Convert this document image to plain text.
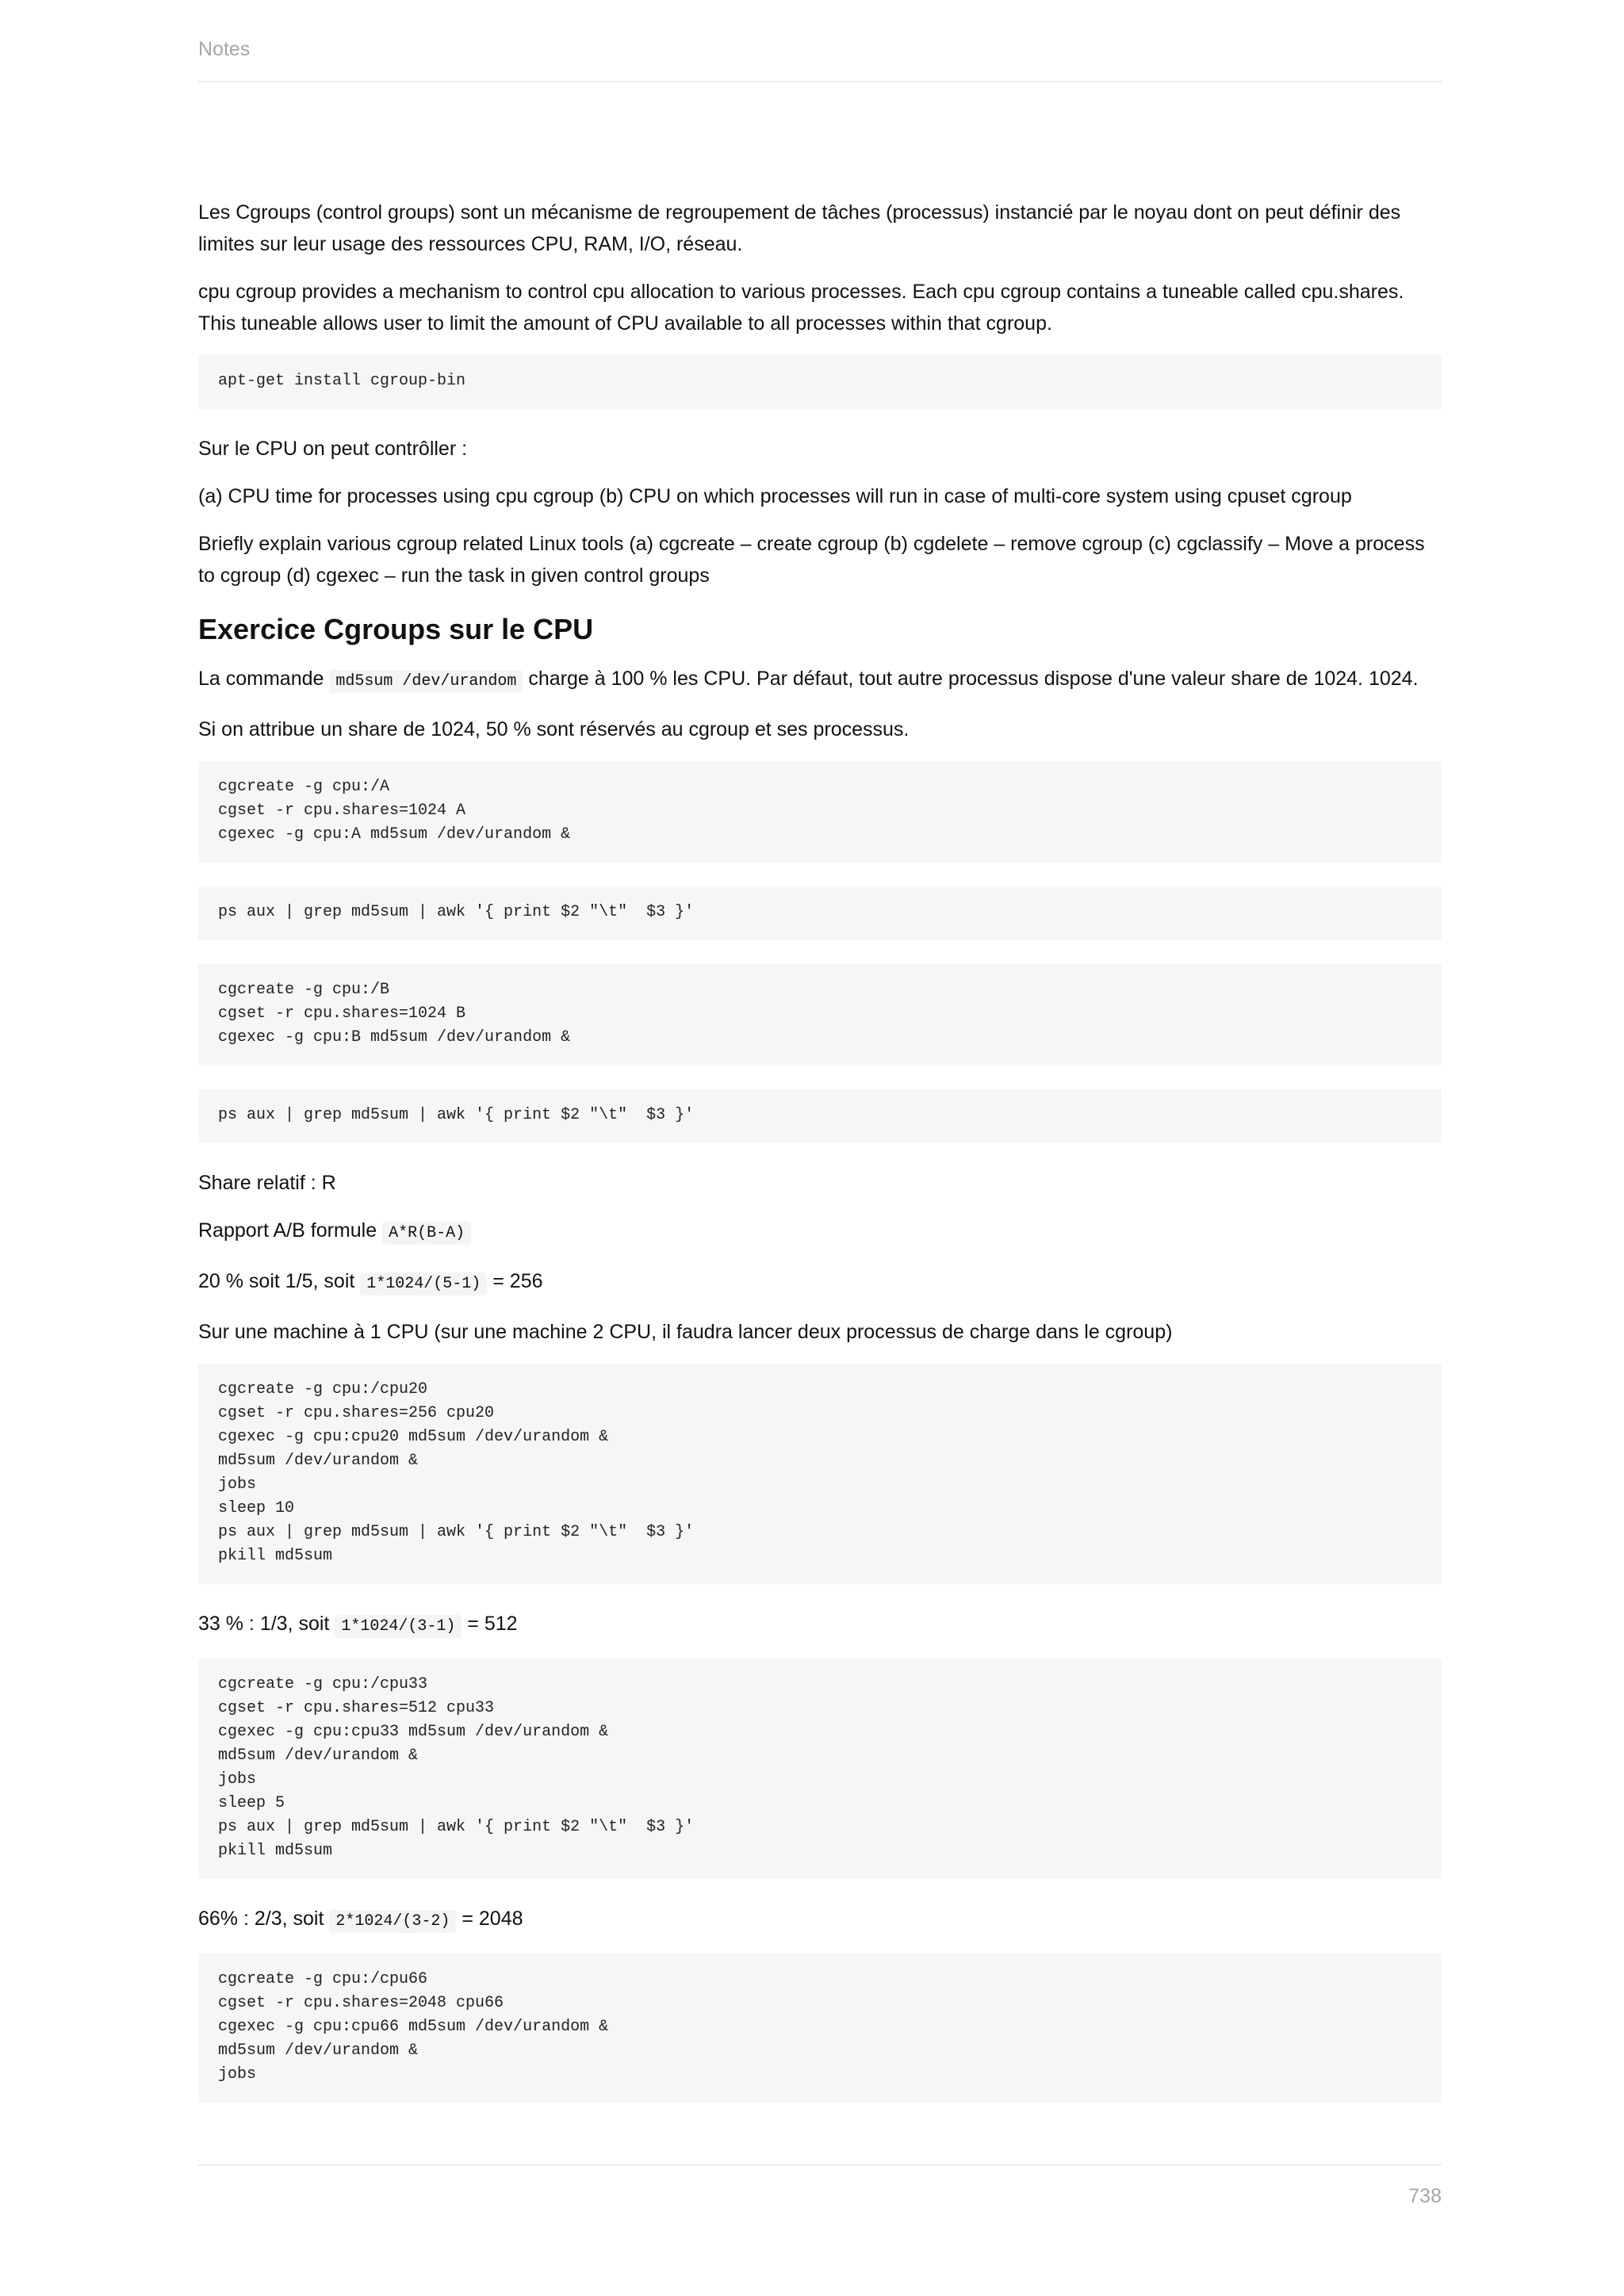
Notes

Les Cgroups (control groups) sont un mécanisme de regroupement de tâches (processus) instancié par le noyau dont on peut définir des limites sur leur usage des ressources CPU, RAM, I/O, réseau.

cpu cgroup provides a mechanism to control cpu allocation to various processes. Each cpu cgroup contains a tuneable called cpu.shares. This tuneable allows user to limit the amount of CPU available to all processes within that cgroup.

apt-get install cgroup-bin

Sur le CPU on peut contrôller :

(a) CPU time for processes using cpu cgroup (b) CPU on which processes will run in case of multi-core system using cpuset cgroup

Briefly explain various cgroup related Linux tools (a) cgcreate – create cgroup (b) cgdelete – remove cgroup (c) cgclassify – Move a process to cgroup (d) cgexec – run the task in given control groups

Exercice Cgroups sur le CPU

La commande md5sum /dev/urandom charge à 100 % les CPU. Par défaut, tout autre processus dispose d'une valeur share de 1024. 1024.

Si on attribue un share de 1024, 50 % sont réservés au cgroup et ses processus.

cgcreate -g cpu:/A
cgset -r cpu.shares=1024 A
cgexec -g cpu:A md5sum /dev/urandom &
ps aux | grep md5sum | awk '{ print $2 "\t"  $3 }'
cgcreate -g cpu:/B
cgset -r cpu.shares=1024 B
cgexec -g cpu:B md5sum /dev/urandom &
ps aux | grep md5sum | awk '{ print $2 "\t"  $3 }'

Share relatif : R

Rapport A/B formule A*R(B-A)

20 % soit 1/5, soit 1*1024/(5-1) = 256

Sur une machine à 1 CPU (sur une machine 2 CPU, il faudra lancer deux processus de charge dans le cgroup)

cgcreate -g cpu:/cpu20
cgset -r cpu.shares=256 cpu20
cgexec -g cpu:cpu20 md5sum /dev/urandom &
md5sum /dev/urandom &
jobs
sleep 10
ps aux | grep md5sum | awk '{ print $2 "\t"  $3 }'
pkill md5sum

33 % : 1/3, soit 1*1024/(3-1) = 512

cgcreate -g cpu:/cpu33
cgset -r cpu.shares=512 cpu33
cgexec -g cpu:cpu33 md5sum /dev/urandom &
md5sum /dev/urandom &
jobs
sleep 5
ps aux | grep md5sum | awk '{ print $2 "\t"  $3 }'
pkill md5sum

66% : 2/3, soit 2*1024/(3-2) = 2048

cgcreate -g cpu:/cpu66
cgset -r cpu.shares=2048 cpu66
cgexec -g cpu:cpu66 md5sum /dev/urandom &
md5sum /dev/urandom &
jobs
738
